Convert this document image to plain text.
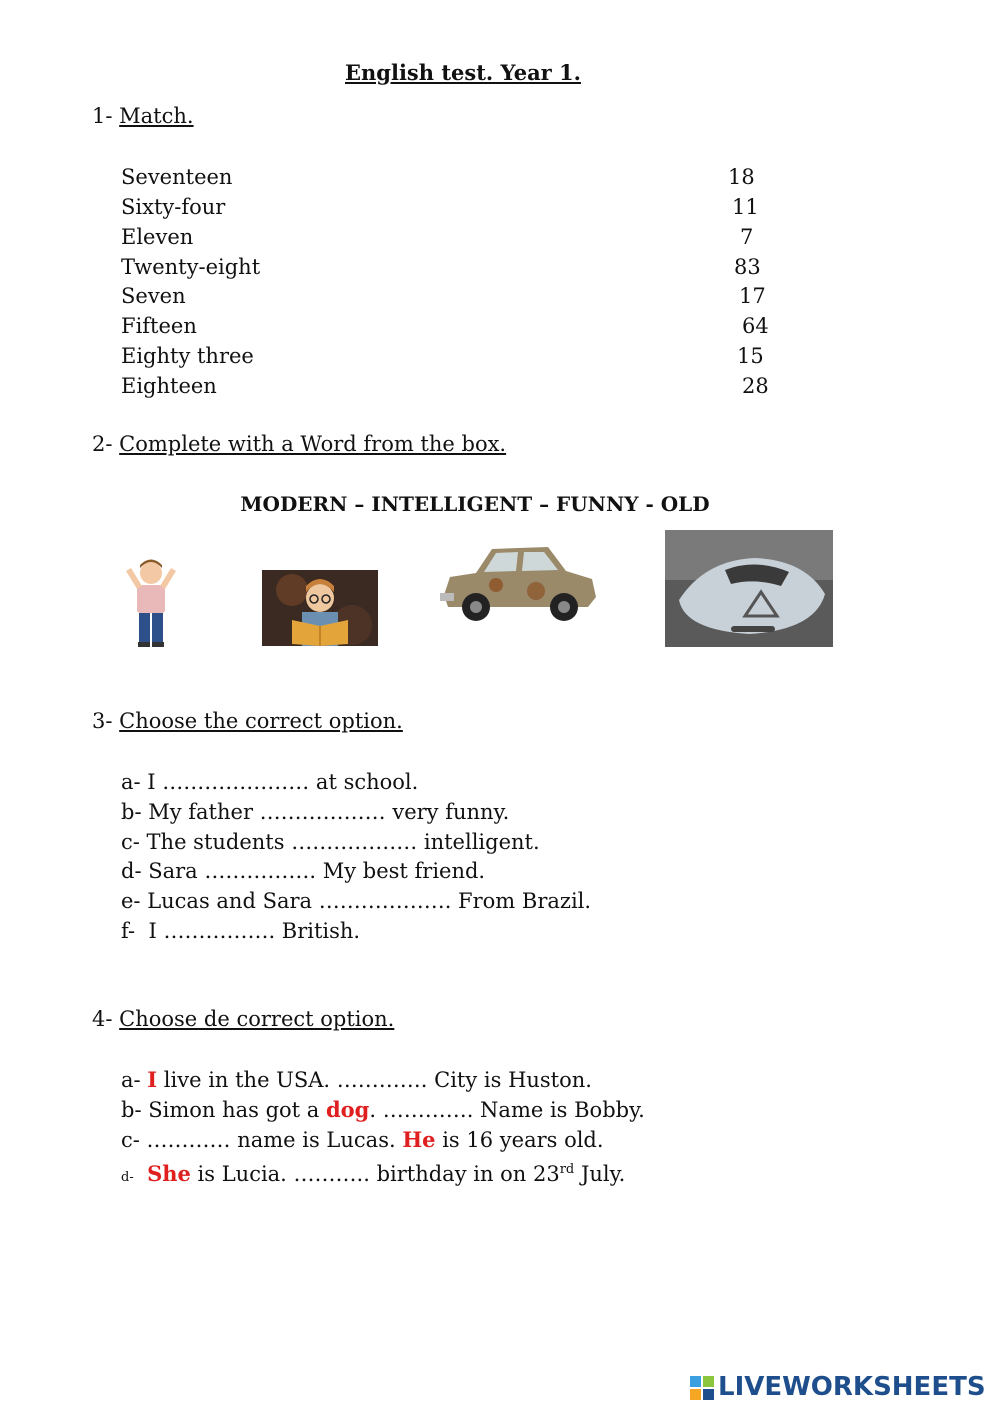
English test. Year 1.
1- Match.
Seventeen
Sixty-four
Eleven
Twenty-eight
Seven
Fifteen
Eighty three
Eighteen
18
11
7
83
17
64
15
28
2- Complete with a Word from the box.
MODERN – INTELLIGENT – FUNNY - OLD
3- Choose the correct option.
a- I ………………… at school.
b- My father ……………… very funny.
c- The students ……………… intelligent.
d- Sara ……………. My best friend.
e- Lucas and Sara ………………. From Brazil.
f-  I ……………. British.
4- Choose de correct option.
a- I live in the USA. …………. City is Huston.
b- Simon has got a dog. …………. Name is Bobby.
c- ………… name is Lucas. He is 16 years old.
d- She is Lucia. ……….. birthday in on 23rd July.
LIVEWORKSHEETS
